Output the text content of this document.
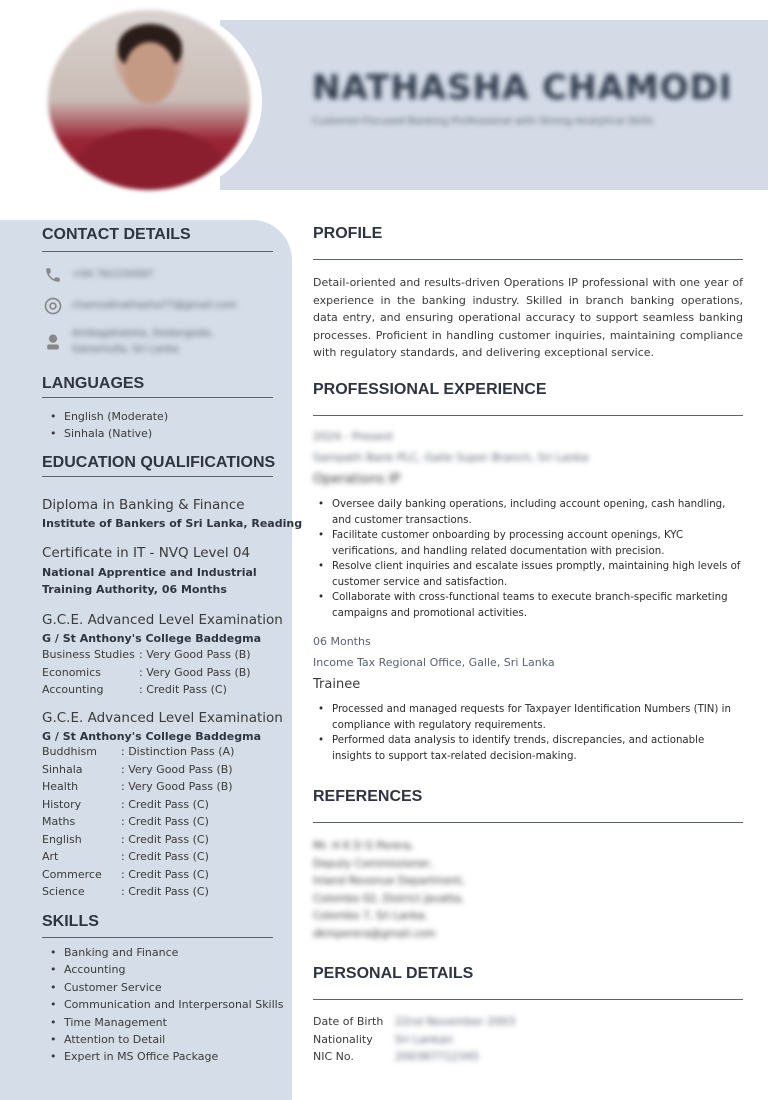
NATHASHA CHAMODI
Customer-Focused Banking Professional with Strong Analytical Skills
CONTACT DETAILS
+94 761234567
chamodinathasha77@gmail.com
Ambagahatota, Dodangoda,
Ganemulla, Sri Lanka
LANGUAGES
• English (Moderate)
• Sinhala (Native)
EDUCATION QUALIFICATIONS
Diploma in Banking & Finance
Institute of Bankers of Sri Lanka, Reading
Certificate in IT - NVQ Level 04
National Apprentice and Industrial
Training Authority, 06 Months
G.C.E. Advanced Level Examination
G / St Anthony's College Baddegma
Business Studies : Very Good Pass (B)
Economics	: Very Good Pass (B)
Accounting	: Credit Pass (C)
G.C.E. Advanced Level Examination
G / St Anthony's College Baddegma
Buddhism	: Distinction Pass (A)
Sinhala	: Very Good Pass (B)
Health	: Very Good Pass (B)
History	: Credit Pass (C)
Maths	: Credit Pass (C)
English	: Credit Pass (C)
Art	: Credit Pass (C)
Commerce	: Credit Pass (C)
Science	: Credit Pass (C)
SKILLS
• Banking and Finance
• Accounting
• Customer Service
• Communication and Interpersonal Skills
• Time Management
• Attention to Detail
• Expert in MS Office Package
PROFILE
Detail-oriented and results-driven Operations IP professional with one year of experience in the banking industry. Skilled in branch banking operations, data entry, and ensuring operational accuracy to support seamless banking processes. Proficient in handling customer inquiries, maintaining compliance with regulatory standards, and delivering exceptional service.
PROFESSIONAL EXPERIENCE
2024 - Present
Sampath Bank PLC, Galle Super Branch, Sri Lanka
Operations IP
• Oversee daily banking operations, including account opening, cash handling, and customer transactions.
• Facilitate customer onboarding by processing account openings, KYC verifications, and handling related documentation with precision.
• Resolve client inquiries and escalate issues promptly, maintaining high levels of customer service and satisfaction.
• Collaborate with cross-functional teams to execute branch-specific marketing campaigns and promotional activities.
06 Months
Income Tax Regional Office, Galle, Sri Lanka
Trainee
• Processed and managed requests for Taxpayer Identification Numbers (TIN) in compliance with regulatory requirements.
• Performed data analysis to identify trends, discrepancies, and actionable insights to support tax-related decision-making.
REFERENCES
Mr. H K D G Perera,
Deputy Commissioner,
Inland Revenue Department,
Colombo 02, District Javatta,
Colombo 7, Sri Lanka.
dkmperera@gmail.com
PERSONAL DETAILS
Date of Birth	22nd November 2003
Nationality	Sri Lankan
NIC No.	200387712345
